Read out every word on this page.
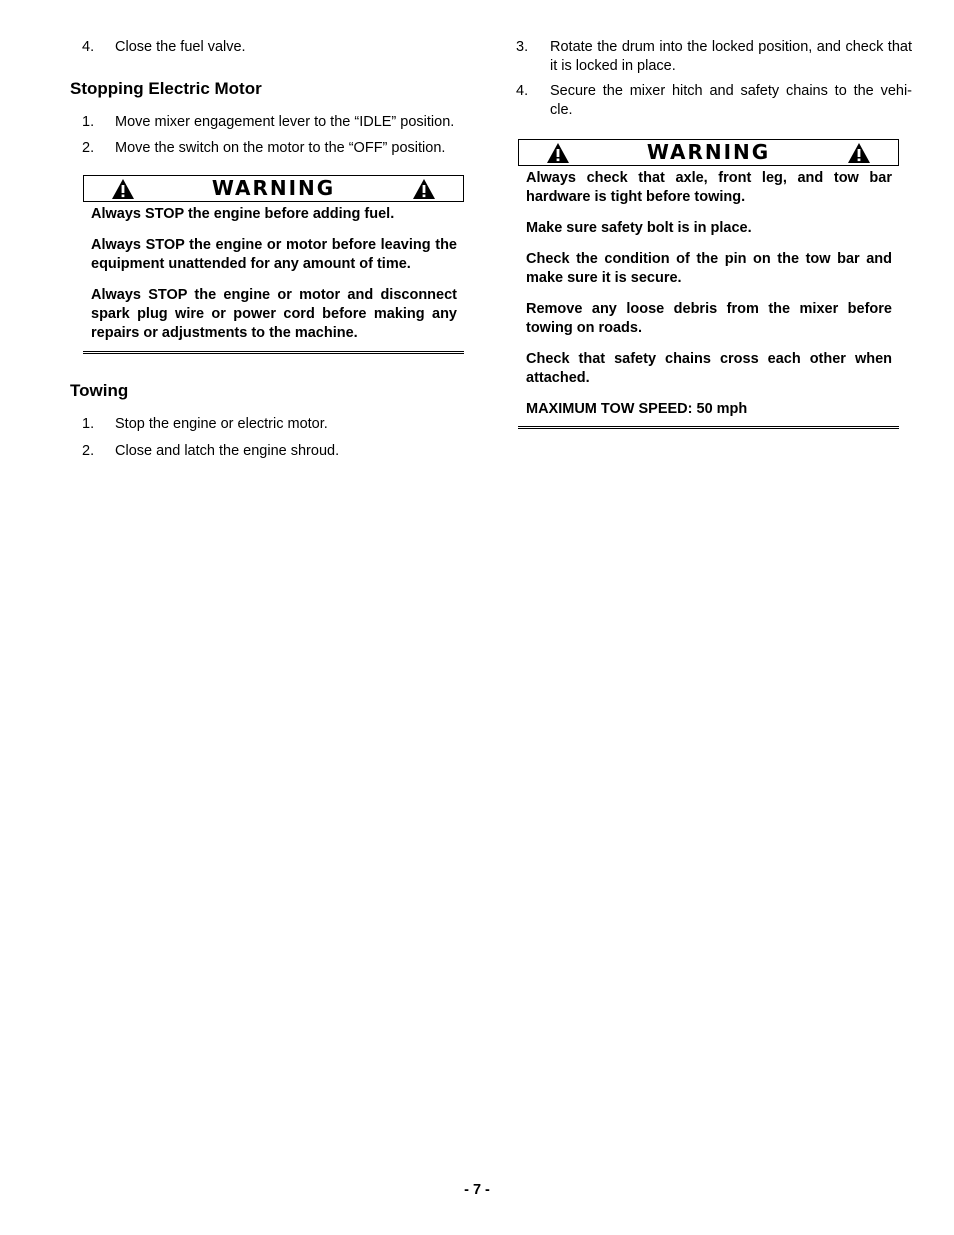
4. Close the fuel valve.
Stopping Electric Motor
1. Move mixer engagement lever to the “IDLE” position.
2. Move the switch on the motor to the “OFF” position.
WARNING

Always STOP the engine before adding fuel.

Always STOP the engine or motor before leaving the equipment unattended for any amount of time.

Always STOP the engine or motor and disconnect spark plug wire or power cord before making any repairs or adjustments to the machine.

Towing
1. Stop the engine or electric motor.
2. Close and latch the engine shroud.
3. Rotate the drum into the locked position, and check that it is locked in place.
4. Secure the mixer hitch and safety chains to the vehi- cle.
WARNING

Always check that axle, front leg, and tow bar hardware is tight before towing.

Make sure safety bolt is in place.

Check the condition of the pin on the tow bar and make sure it is secure.

Remove any loose debris from the mixer before towing on roads.

Check that safety chains cross each other when attached.

MAXIMUM TOW SPEED: 50 mph

- 7 -
